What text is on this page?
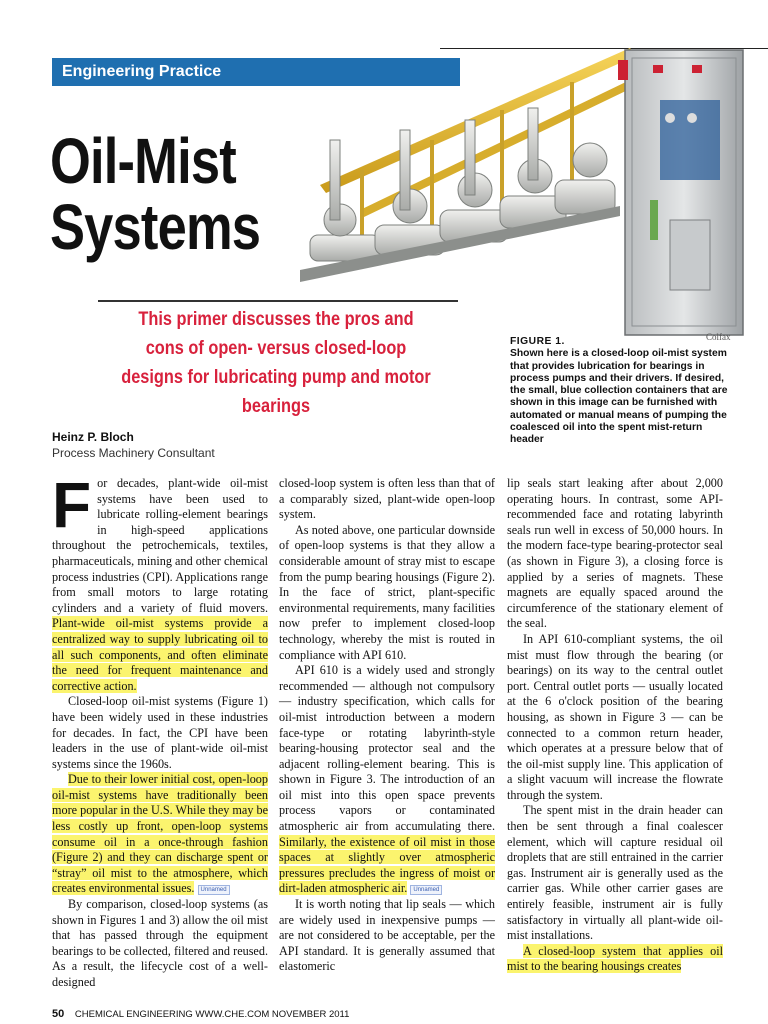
Engineering Practice
Oil-Mist
Systems
Colfax

This primer discusses the pros and cons of open- versus closed-loop designs for lubricating pump and motor bearings

FIGURE 1.
Shown here is a closed-loop oil-mist system that provides lubrication for bearings in process pumps and their drivers. If desired, the small, blue collection containers that are shown in this image can be furnished with automated or manual means of pumping the coalesced oil into the spent mist-return header
Heinz P. Bloch
Process Machinery Consultant

For decades, plant-wide oil-mist systems have been used to lubricate rolling-element bearings in high-speed applications throughout the petrochemicals, textiles, pharmaceuticals, mining and other chemical process industries (CPI). Applications range from small motors to large rotating cylinders and a variety of fluid movers. Plant-wide oil-mist systems provide a centralized way to supply lubricating oil to all such components, and often eliminate the need for frequent maintenance and corrective action.

Closed-loop oil-mist systems (Figure 1) have been widely used in these industries for decades. In fact, the CPI have been leaders in the use of plant-wide oil-mist systems since the 1960s.

Due to their lower initial cost, open-loop oil-mist systems have traditionally been more popular in the U.S. While they may be less costly up front, open-loop systems consume oil in a once-through fashion (Figure 2) and they can discharge spent or “stray” oil mist to the atmosphere, which creates environmental issues. Unnamed

By comparison, closed-loop systems (as shown in Figures 1 and 3) allow the oil mist that has passed through the equipment bearings to be collected, filtered and reused. As a result, the lifecycle cost of a well-designed

closed-loop system is often less than that of a comparably sized, plant-wide open-loop system.

As noted above, one particular downside of open-loop systems is that they allow a considerable amount of stray mist to escape from the pump bearing housings (Figure 2). In the face of strict, plant-specific environmental requirements, many facilities now prefer to implement closed-loop technology, whereby the mist is routed in compliance with API 610.

API 610 is a widely used and strongly recommended — although not compulsory — industry specification, which calls for oil-mist introduction between a modern face-type or rotating labyrinth-style bearing-housing protector seal and the adjacent rolling-element bearing. This is shown in Figure 3. The introduction of an oil mist into this open space prevents process vapors or contaminated atmospheric air from accumulating there. Similarly, the existence of oil mist in those spaces at slightly over atmospheric pressures precludes the ingress of moist or dirt-laden atmospheric air. Unnamed

It is worth noting that lip seals — which are widely used in inexpensive pumps — are not considered to be acceptable, per the API standard. It is generally assumed that elastomeric

lip seals start leaking after about 2,000 operating hours. In contrast, some API-recommended face and rotating labyrinth seals run well in excess of 50,000 hours. In the modern face-type bearing-protector seal (as shown in Figure 3), a closing force is applied by a series of magnets. These magnets are equally spaced around the circumference of the stationary element of the seal.

In API 610-compliant systems, the oil mist must flow through the bearing (or bearings) on its way to the central outlet port. Central outlet ports — usually located at the 6 o'clock position of the bearing housing, as shown in Figure 3 — can be connected to a common return header, which operates at a pressure below that of the oil-mist supply line. This application of a slight vacuum will increase the flowrate through the system.

The spent mist in the drain header can then be sent through a final coalescer element, which will capture residual oil droplets that are still entrained in the carrier gas. Instrument air is generally used as the carrier gas. While other carrier gases are entirely feasible, instrument air is fully satisfactory in virtually all plant-wide oil-mist installations.

A closed-loop system that applies oil mist to the bearing housings creates

50 CHEMICAL ENGINEERING WWW.CHE.COM NOVEMBER 2011
